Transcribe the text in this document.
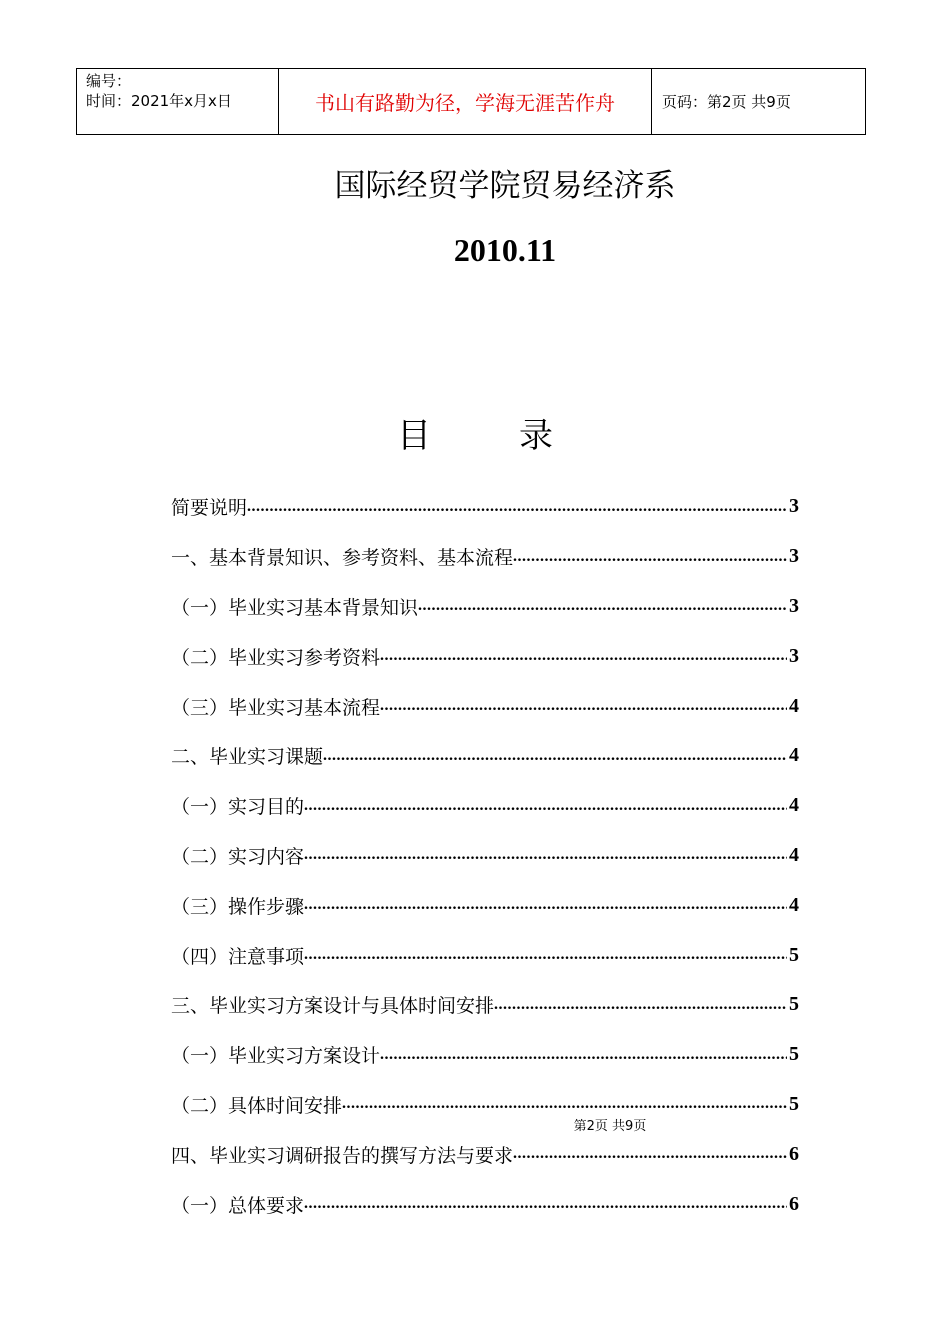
编号：
时间：2021年x月x日	书山有路勤为径，学海无涯苦作舟	页码：第2页 共9页
国际经贸学院贸易经济系
2010.11
目	录
简要说明 .....	3
一、基本背景知识、参考资料、基本流程 .....	3
（一）毕业实习基本背景知识 .....	3
（二）毕业实习参考资料 .....	3
（三）毕业实习基本流程 .....	4
二、毕业实习课题 .....	4
（一）实习目的 .....	4
（二）实习内容 .....	4
（三）操作步骤 .....	4
（四）注意事项 .....	5
三、毕业实习方案设计与具体时间安排 .....	5
（一）毕业实习方案设计 .....	5
（二）具体时间安排 .....	5
四、毕业实习调研报告的撰写方法与要求 .....	6
（一）总体要求 .....	6
第2页 共9页
